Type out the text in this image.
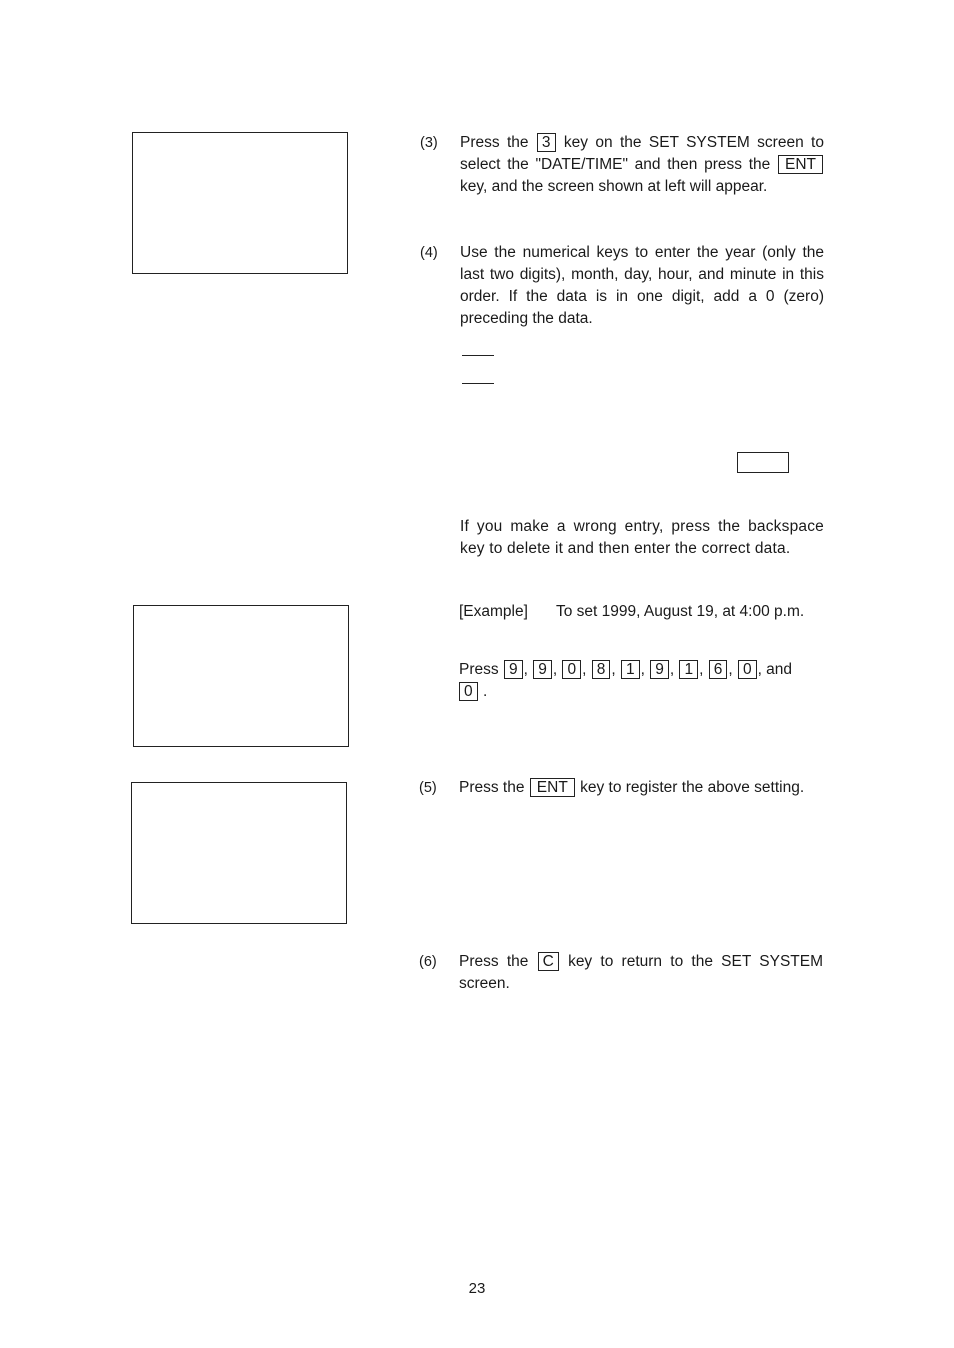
(3) Press the 3 key on the SET SYSTEM screen to select the "DATE/TIME" and then press the ENT key, and the screen shown at left will appear.
(4) Use the numerical keys to enter the year (only the last two digits), month, day, hour, and minute in this order. If the data is in one digit, add a 0 (zero) preceding the data.
If you make a wrong entry, press the backspace key to delete it and then enter the correct data.
[Example] To set 1999, August 19, at 4:00 p.m.
Press 9 , 9 , 0 , 8 , 1 , 9 , 1 , 6 , 0 , and
0 .
(5) Press the ENT key to register the above setting.
(6) Press the C key to return to the SET SYSTEM screen.
23
